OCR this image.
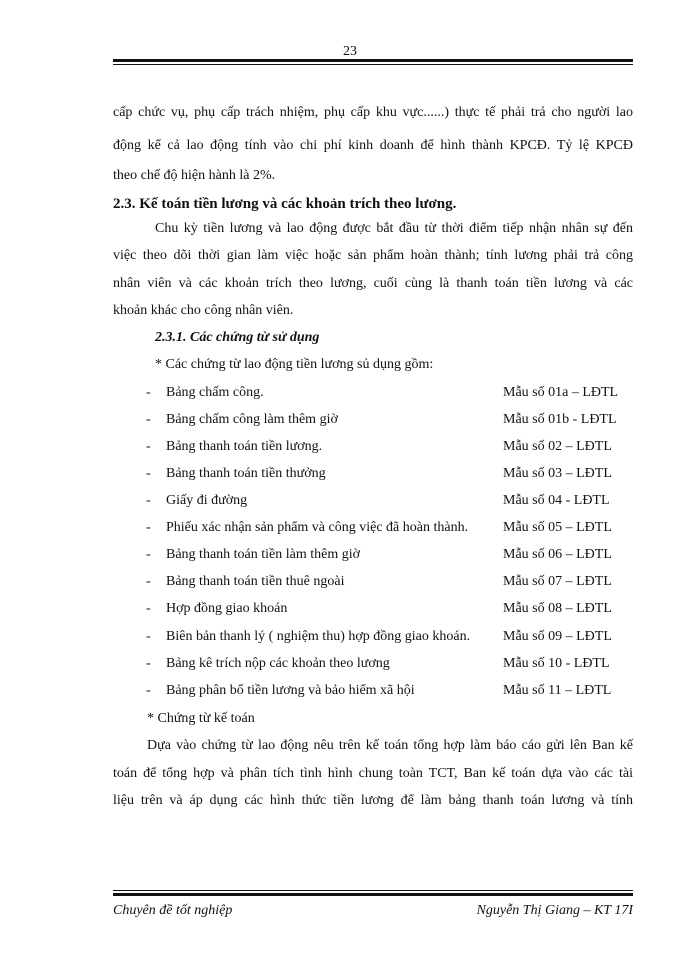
23
cấp chức vụ, phụ cấp trách nhiệm, phụ cấp khu vực......) thực tế phải trả cho người lao
động kể cả lao động tính vào chi phí kinh doanh để hình thành KPCĐ. Tỷ lệ KPCĐ
theo chế độ hiện hành là 2%.
2.3. Kế toán tiền lương và các khoản trích theo lương.
Chu kỳ tiền lương và lao động được bắt đầu từ thời điểm tiếp nhận nhân sự đến
việc theo dõi thời gian làm việc hoặc sản phẩm hoàn thành; tính lương phải trả công
nhân viên và các khoản trích theo lương, cuối cùng là thanh toán tiền lương và các
khoản khác cho công nhân viên.
2.3.1. Các chứng từ sử dụng
* Các chứng từ lao động tiền lương sủ dụng gồm:
- Bảng chấm công.	Mẫu số 01a – LĐTL
- Bảng chấm công làm thêm giờ	Mẫu số 01b - LĐTL
- Bảng thanh toán tiền lương.	Mẫu số 02 – LĐTL
- Bảng thanh toán tiền thưởng	Mẫu số 03 – LĐTL
- Giấy đi đường	Mẫu số 04 - LĐTL
- Phiếu xác nhận sản phẩm và công việc đã hoàn thành. Mẫu số 05 – LĐTL
- Bảng thanh toán tiền làm thêm giờ	Mẫu số 06 – LĐTL
- Bảng thanh toán tiền thuê ngoài	Mẫu số 07 – LĐTL
- Hợp đồng giao khoán	Mẫu số 08 – LĐTL
- Biên bản thanh lý ( nghiệm thu) hợp đồng giao khoán. Mẫu số 09 – LĐTL
- Bảng kê trích nộp các khoản theo lương	Mẫu số 10 - LĐTL
- Bảng phân bổ tiền lương và bảo hiểm xã hội	Mẫu số 11 – LĐTL
* Chứng từ kế toán
Dựa vào chứng từ lao động nêu trên kế toán tổng hợp làm báo cáo gửi lên Ban kế
toán để tổng hợp và phân tích tình hình chung toàn TCT, Ban kế toán dựa vào các tài
liệu trên và áp dụng các hình thức tiền lương để làm bảng thanh toán lương và tính
Chuyên đề tốt nghiệp	Nguyễn Thị Giang – KT 17I
